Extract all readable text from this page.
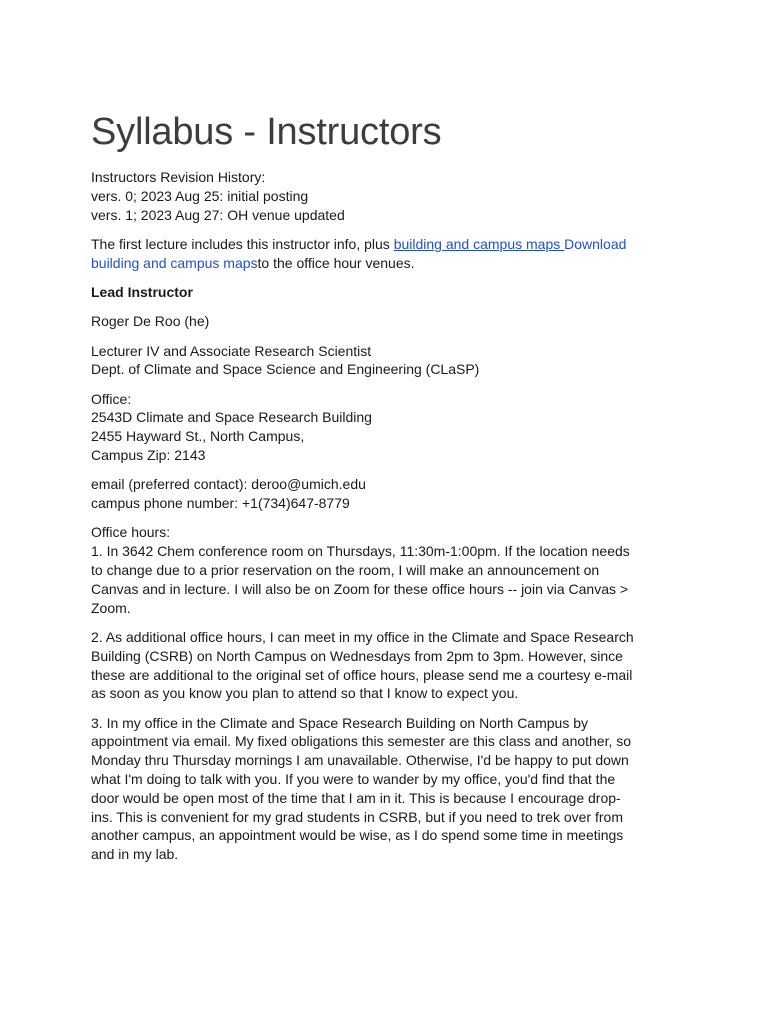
Syllabus - Instructors

Instructors Revision History:
vers. 0; 2023 Aug 25: initial posting
vers. 1; 2023 Aug 27: OH venue updated

The first lecture includes this instructor info, plus building and campus maps Download
building and campus mapsto the office hour venues.

Lead Instructor

Roger De Roo (he)

Lecturer IV and Associate Research Scientist
Dept. of Climate and Space Science and Engineering (CLaSP)

Office:
2543D Climate and Space Research Building
2455 Hayward St., North Campus,
Campus Zip: 2143

email (preferred contact): deroo@umich.edu
campus phone number: +1(734)647-8779

Office hours:
1. In 3642 Chem conference room on Thursdays, 11:30m-1:00pm. If the location needs
to change due to a prior reservation on the room, I will make an announcement on
Canvas and in lecture. I will also be on Zoom for these office hours -- join via Canvas >
Zoom.

2. As additional office hours, I can meet in my office in the Climate and Space Research
Building (CSRB) on North Campus on Wednesdays from 2pm to 3pm. However, since
these are additional to the original set of office hours, please send me a courtesy e-mail
as soon as you know you plan to attend so that I know to expect you.

3. In my office in the Climate and Space Research Building on North Campus by
appointment via email. My fixed obligations this semester are this class and another, so
Monday thru Thursday mornings I am unavailable. Otherwise, I'd be happy to put down
what I'm doing to talk with you. If you were to wander by my office, you'd find that the
door would be open most of the time that I am in it. This is because I encourage drop-
ins. This is convenient for my grad students in CSRB, but if you need to trek over from
another campus, an appointment would be wise, as I do spend some time in meetings
and in my lab.
